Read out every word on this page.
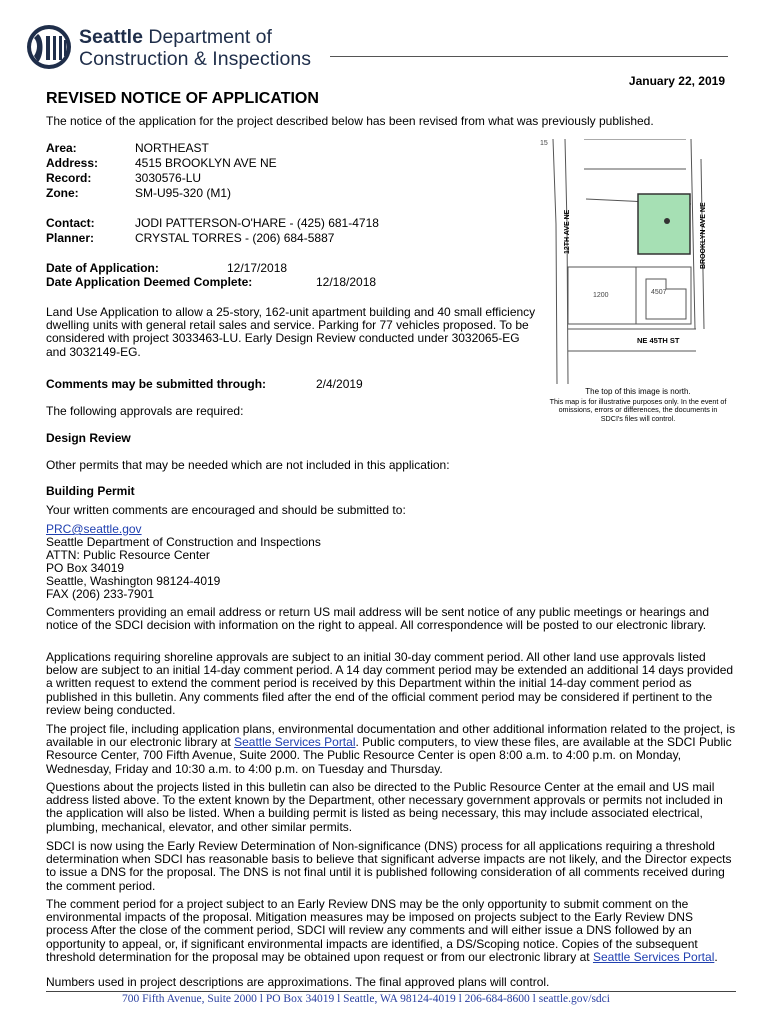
Seattle Department of
Construction & Inspections
January 22, 2019
REVISED NOTICE OF APPLICATION
The notice of the application for the project described below has been revised from what was previously published.
Area:	NORTHEAST
Address:	4515 BROOKLYN AVE NE
Record:	3030576-LU
Zone:	SM-U95-320 (M1)
Contact:	JODI PATTERSON-O'HARE - (425) 681-4718
Planner:	CRYSTAL TORRES - (206) 684-5887
Date of Application:	12/17/2018
Date Application Deemed Complete:	12/18/2018
Land Use Application to allow a 25-story, 162-unit apartment building and 40 small efficiency dwelling units with general retail sales and service. Parking for 77 vehicles proposed. To be considered with project 3033463-LU. Early Design Review conducted under 3032065-EG and 3032149-EG.
Comments may be submitted through:	2/4/2019
The following approvals are required:
Design Review
Other permits that may be needed which are not included in this application:
Building Permit
Your written comments are encouraged and should be submitted to:
PRC@seattle.gov
Seattle Department of Construction and Inspections
ATTN: Public Resource Center
PO Box 34019
Seattle, Washington 98124-4019
FAX (206) 233-7901
12TH AVE NE	BROOKLYN AVE NE
NE 45TH ST
1200	4507
15
The top of this image is north.
This map is for illustrative purposes only. In the event of omissions, errors or differences, the documents in SDCI's files will control.
Commenters providing an email address or return US mail address will be sent notice of any public meetings or hearings and notice of the SDCI decision with information on the right to appeal. All correspondence will be posted to our electronic library.
Applications requiring shoreline approvals are subject to an initial 30-day comment period. All other land use approvals listed below are subject to an initial 14-day comment period. A 14 day comment period may be extended an additional 14 days provided a written request to extend the comment period is received by this Department within the initial 14-day comment period as published in this bulletin. Any comments filed after the end of the official comment period may be considered if pertinent to the review being conducted.
The project file, including application plans, environmental documentation and other additional information related to the project, is available in our electronic library at Seattle Services Portal. Public computers, to view these files, are available at the SDCI Public Resource Center, 700 Fifth Avenue, Suite 2000. The Public Resource Center is open 8:00 a.m. to 4:00 p.m. on Monday, Wednesday, Friday and 10:30 a.m. to 4:00 p.m. on Tuesday and Thursday.
Questions about the projects listed in this bulletin can also be directed to the Public Resource Center at the email and US mail address listed above. To the extent known by the Department, other necessary government approvals or permits not included in the application will also be listed. When a building permit is listed as being necessary, this may include associated electrical, plumbing, mechanical, elevator, and other similar permits.
SDCI is now using the Early Review Determination of Non-significance (DNS) process for all applications requiring a threshold determination when SDCI has reasonable basis to believe that significant adverse impacts are not likely, and the Director expects to issue a DNS for the proposal. The DNS is not final until it is published following consideration of all comments received during the comment period.
The comment period for a project subject to an Early Review DNS may be the only opportunity to submit comment on the environmental impacts of the proposal. Mitigation measures may be imposed on projects subject to the Early Review DNS process After the close of the comment period, SDCI will review any comments and will either issue a DNS followed by an opportunity to appeal, or, if significant environmental impacts are identified, a DS/Scoping notice. Copies of the subsequent threshold determination for the proposal may be obtained upon request or from our electronic library at Seattle Services Portal.
Numbers used in project descriptions are approximations. The final approved plans will control.
700 Fifth Avenue, Suite 2000 l PO Box 34019 l Seattle, WA 98124-4019 l 206-684-8600 l seattle.gov/sdci
